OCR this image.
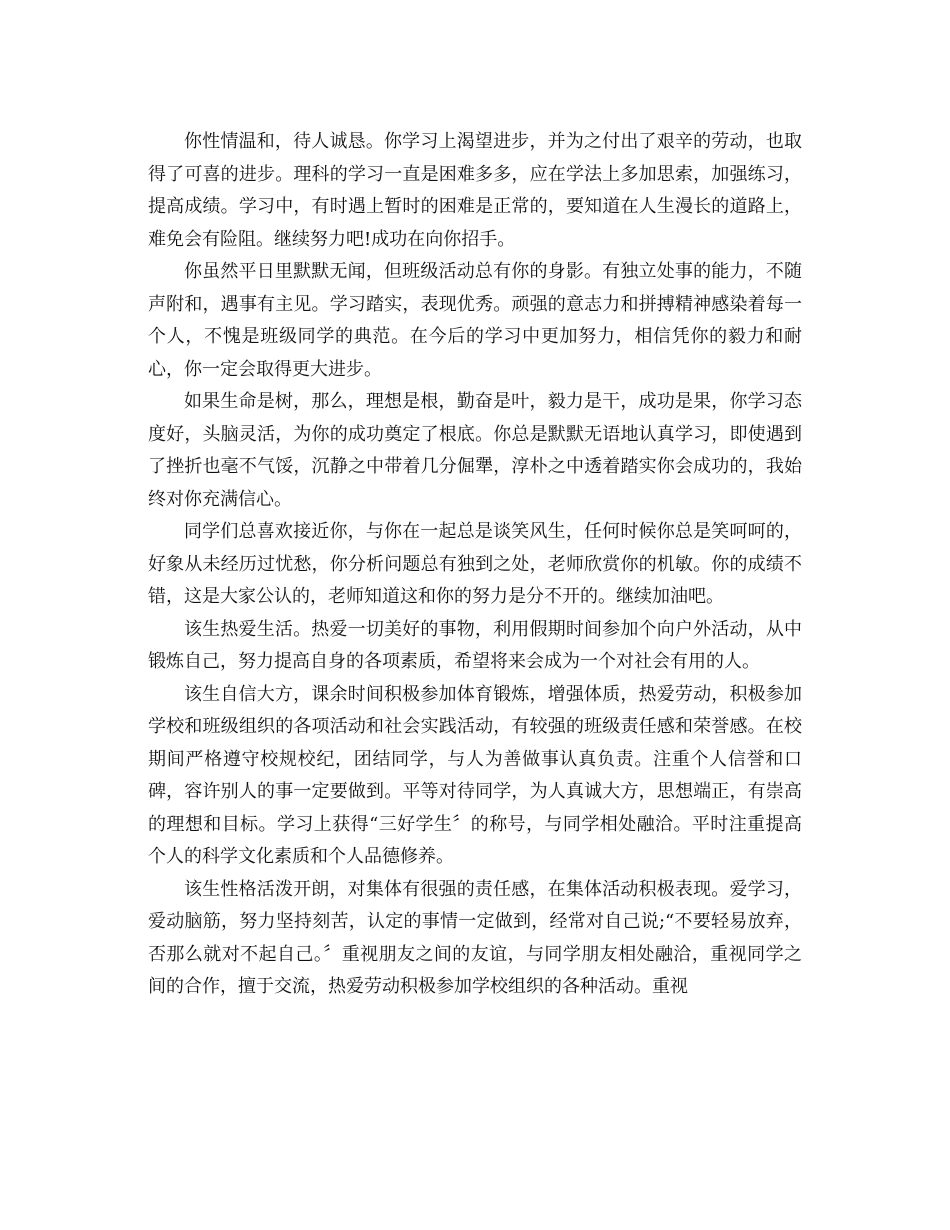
你性情温和，待人诚恳。你学习上渴望进步，并为之付出了艰辛的劳动，也取得了可喜的进步。理科的学习一直是困难多多，应在学法上多加思索，加强练习，提高成绩。学习中，有时遇上暂时的困难是正常的，要知道在人生漫长的道路上，难免会有险阻。继续努力吧!成功在向你招手。

你虽然平日里默默无闻，但班级活动总有你的身影。有独立处事的能力，不随声附和，遇事有主见。学习踏实，表现优秀。顽强的意志力和拼搏精神感染着每一个人，不愧是班级同学的典范。在今后的学习中更加努力，相信凭你的毅力和耐心，你一定会取得更大进步。

如果生命是树，那么，理想是根，勤奋是叶，毅力是干，成功是果，你学习态度好，头脑灵活，为你的成功奠定了根底。你总是默默无语地认真学习，即使遇到了挫折也毫不气馁，沉静之中带着几分倔犟，淳朴之中透着踏实你会成功的，我始终对你充满信心。

同学们总喜欢接近你，与你在一起总是谈笑风生，任何时候你总是笑呵呵的，好象从未经历过忧愁，你分析问题总有独到之处，老师欣赏你的机敏。你的成绩不错，这是大家公认的，老师知道这和你的努力是分不开的。继续加油吧。

该生热爱生活。热爱一切美好的事物，利用假期时间参加个向户外活动，从中锻炼自己，努力提高自身的各项素质，希望将来会成为一个对社会有用的人。

该生自信大方，课余时间积极参加体育锻炼，增强体质，热爱劳动，积极参加学校和班级组织的各项活动和社会实践活动，有较强的班级责任感和荣誉感。在校期间严格遵守校规校纪，团结同学，与人为善做事认真负责。注重个人信誉和口碑，容许别人的事一定要做到。平等对待同学，为人真诚大方，思想端正，有崇高的理想和目标。学习上获得“三好学生〞的称号，与同学相处融洽。平时注重提高个人的科学文化素质和个人品德修养。

该生性格活泼开朗，对集体有很强的责任感，在集体活动积极表现。爱学习，爱动脑筋，努力坚持刻苦，认定的事情一定做到，经常对自己说;“不要轻易放弃，否那么就对不起自己。〞重视朋友之间的友谊，与同学朋友相处融洽，重视同学之间的合作，擅于交流，热爱劳动积极参加学校组织的各种活动。重视
